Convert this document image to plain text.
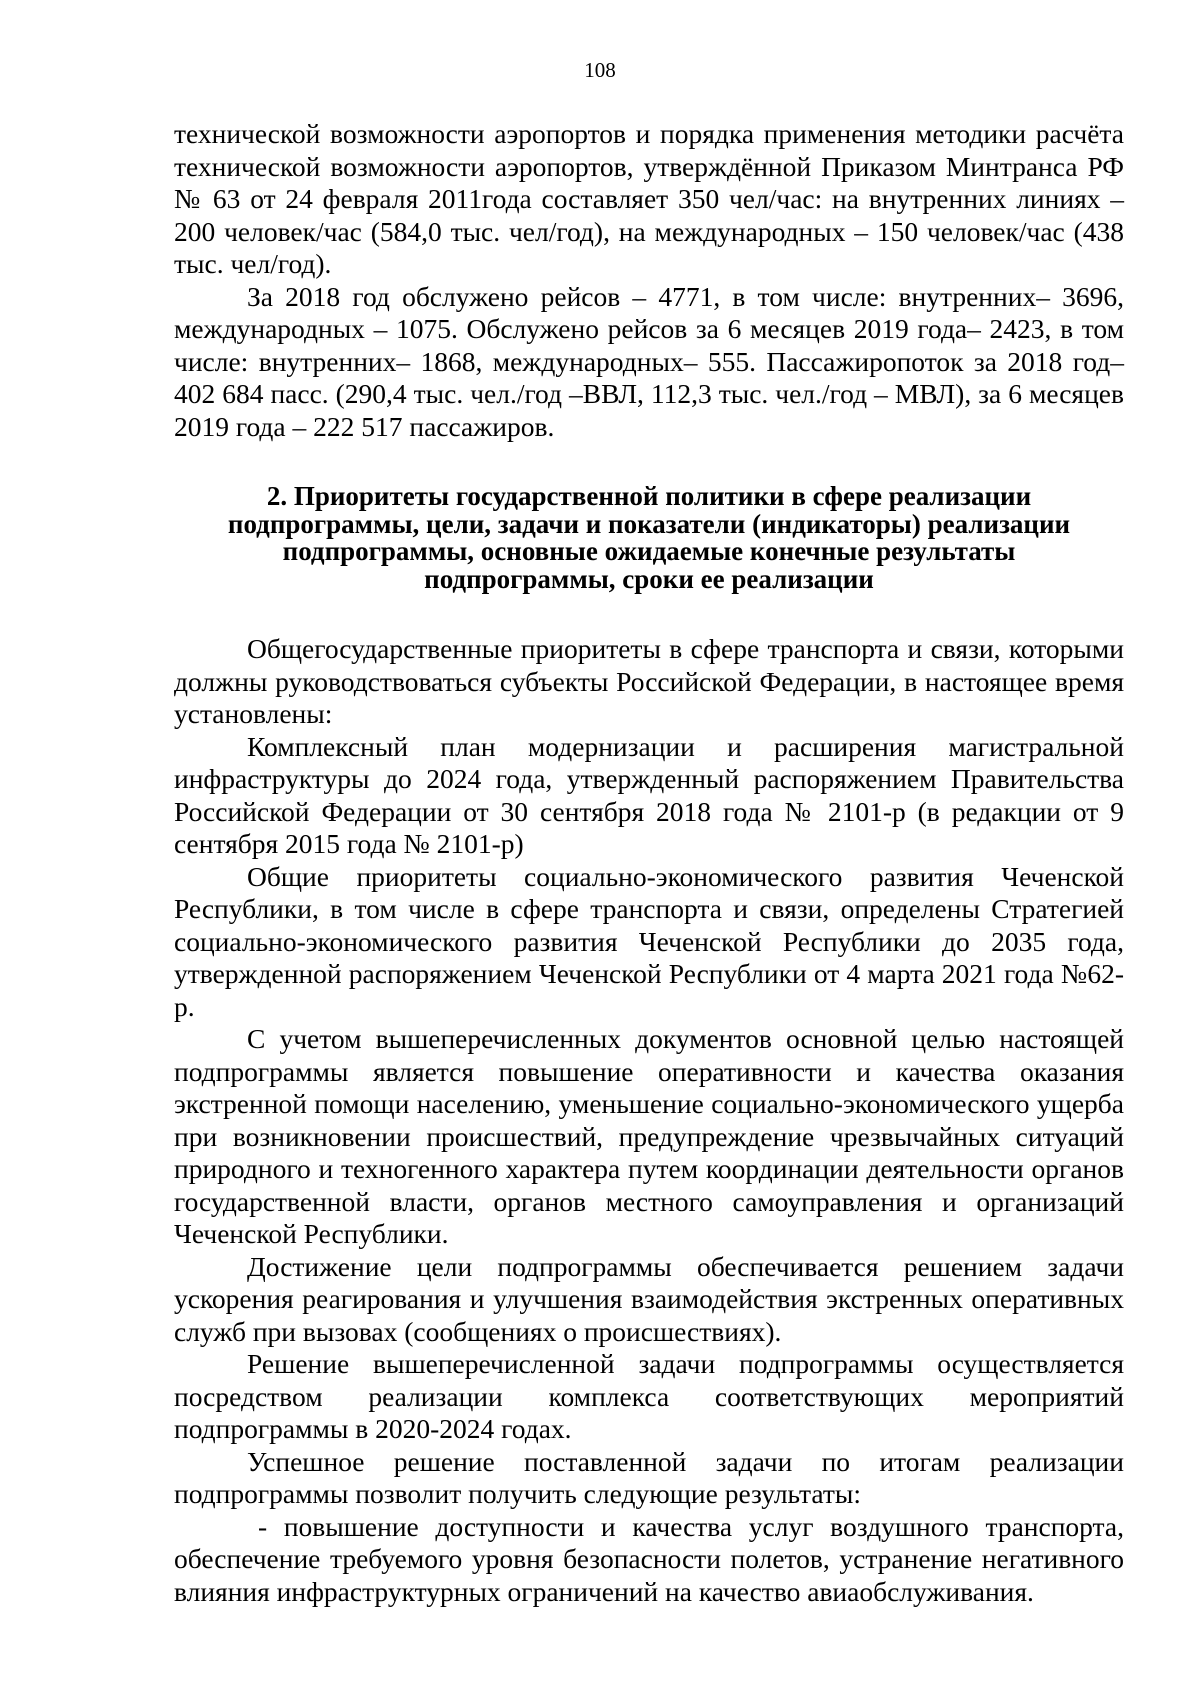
108

технической возможности аэропортов и порядка применения методики расчёта технической возможности аэропортов, утверждённой Приказом Минтранса РФ № 63 от 24 февраля 2011года составляет 350 чел/час: на внутренних линиях – 200 человек/час (584,0 тыс. чел/год), на международных – 150 человек/час (438 тыс. чел/год).

За 2018 год обслужено рейсов – 4771, в том числе: внутренних– 3696, международных – 1075. Обслужено рейсов за 6 месяцев 2019 года– 2423, в том числе: внутренних– 1868, международных– 555. Пассажиропоток за 2018 год– 402 684 пасс. (290,4 тыс. чел./год –ВВЛ, 112,3 тыс. чел./год – МВЛ), за 6 месяцев 2019 года – 222 517 пассажиров.

2. Приоритеты государственной политики в сфере реализации
подпрограммы, цели, задачи и показатели (индикаторы) реализации
подпрограммы, основные ожидаемые конечные результаты
подпрограммы, сроки ее реализации

Общегосударственные приоритеты в сфере транспорта и связи, которыми должны руководствоваться субъекты Российской Федерации, в настоящее время установлены:

Комплексный план модернизации и расширения магистральной инфраструктуры до 2024 года, утвержденный распоряжением Правительства Российской Федерации от 30 сентября 2018 года № 2101-р (в редакции от 9 сентября 2015 года № 2101-р)

Общие приоритеты социально-экономического развития Чеченской Республики, в том числе в сфере транспорта и связи, определены Стратегией социально-экономического развития Чеченской Республики до 2035 года, утвержденной распоряжением Чеченской Республики от 4 марта 2021 года №62-р.

С учетом вышеперечисленных документов основной целью настоящей подпрограммы является повышение оперативности и качества оказания экстренной помощи населению, уменьшение социально-экономического ущерба при возникновении происшествий, предупреждение чрезвычайных ситуаций природного и техногенного характера путем координации деятельности органов государственной власти, органов местного самоуправления и организаций Чеченской Республики.

Достижение цели подпрограммы обеспечивается решением задачи ускорения реагирования и улучшения взаимодействия экстренных оперативных служб при вызовах (сообщениях о происшествиях).

Решение вышеперечисленной задачи подпрограммы осуществляется посредством реализации комплекса соответствующих мероприятий подпрограммы в 2020-2024 годах.

Успешное решение поставленной задачи по итогам реализации подпрограммы позволит получить следующие результаты:

- повышение доступности и качества услуг воздушного транспорта, обеспечение требуемого уровня безопасности полетов, устранение негативного влияния инфраструктурных ограничений на качество авиаобслуживания.
